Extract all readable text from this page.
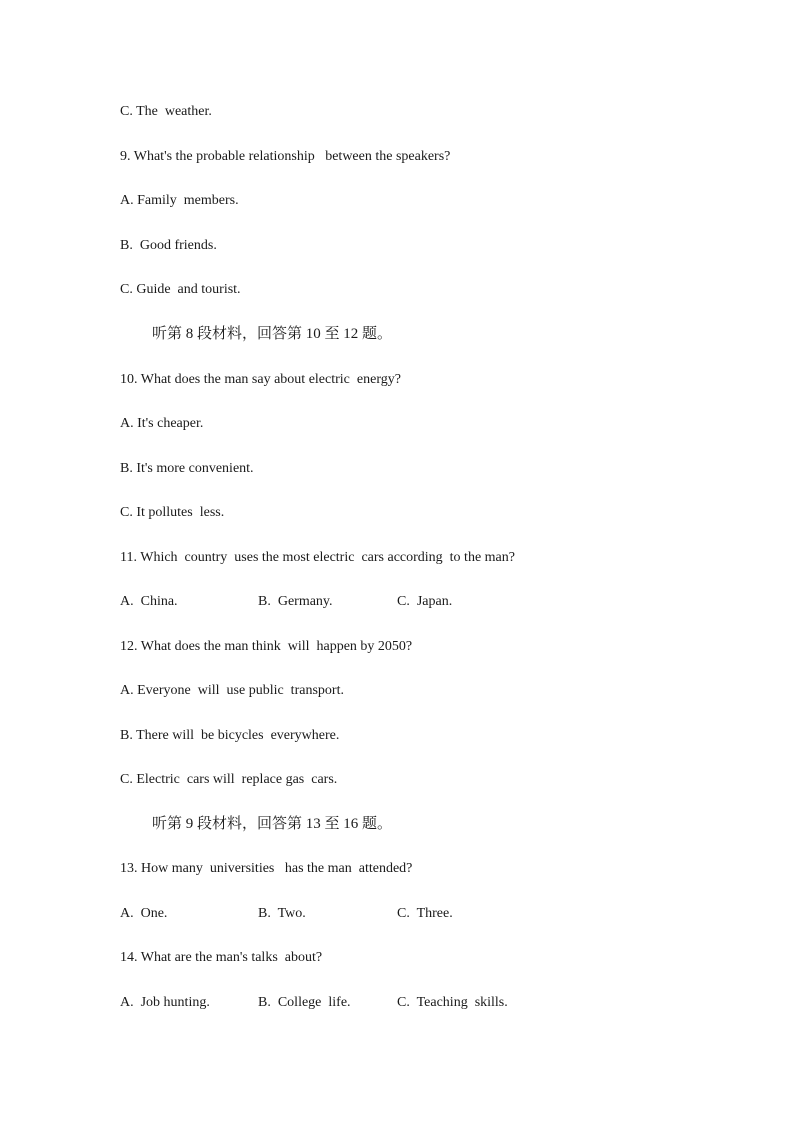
C. The  weather.
9. What's the probable relationship   between the speakers?
A. Family  members.
B.  Good friends.
C. Guide  and tourist.
听第 8 段材料，回答第 10 至 12 题。
10. What does the man say about electric  energy?
A. It's cheaper.
B. It's more convenient.
C. It pollutes  less.
11. Which  country  uses the most electric  cars according  to the man?
A.  China.	B.  Germany.	C.  Japan.
12. What does the man think  will  happen by 2050?
A. Everyone  will  use public  transport.
B. There will  be bicycles  everywhere.
C. Electric  cars will  replace gas  cars.
听第 9 段材料，回答第 13 至 16 题。
13. How many  universities   has the man  attended?
A.  One.	B.  Two.	C.  Three.
14. What are the man's talks  about?
A.  Job hunting.	B.  College  life.	C.  Teaching  skills.
